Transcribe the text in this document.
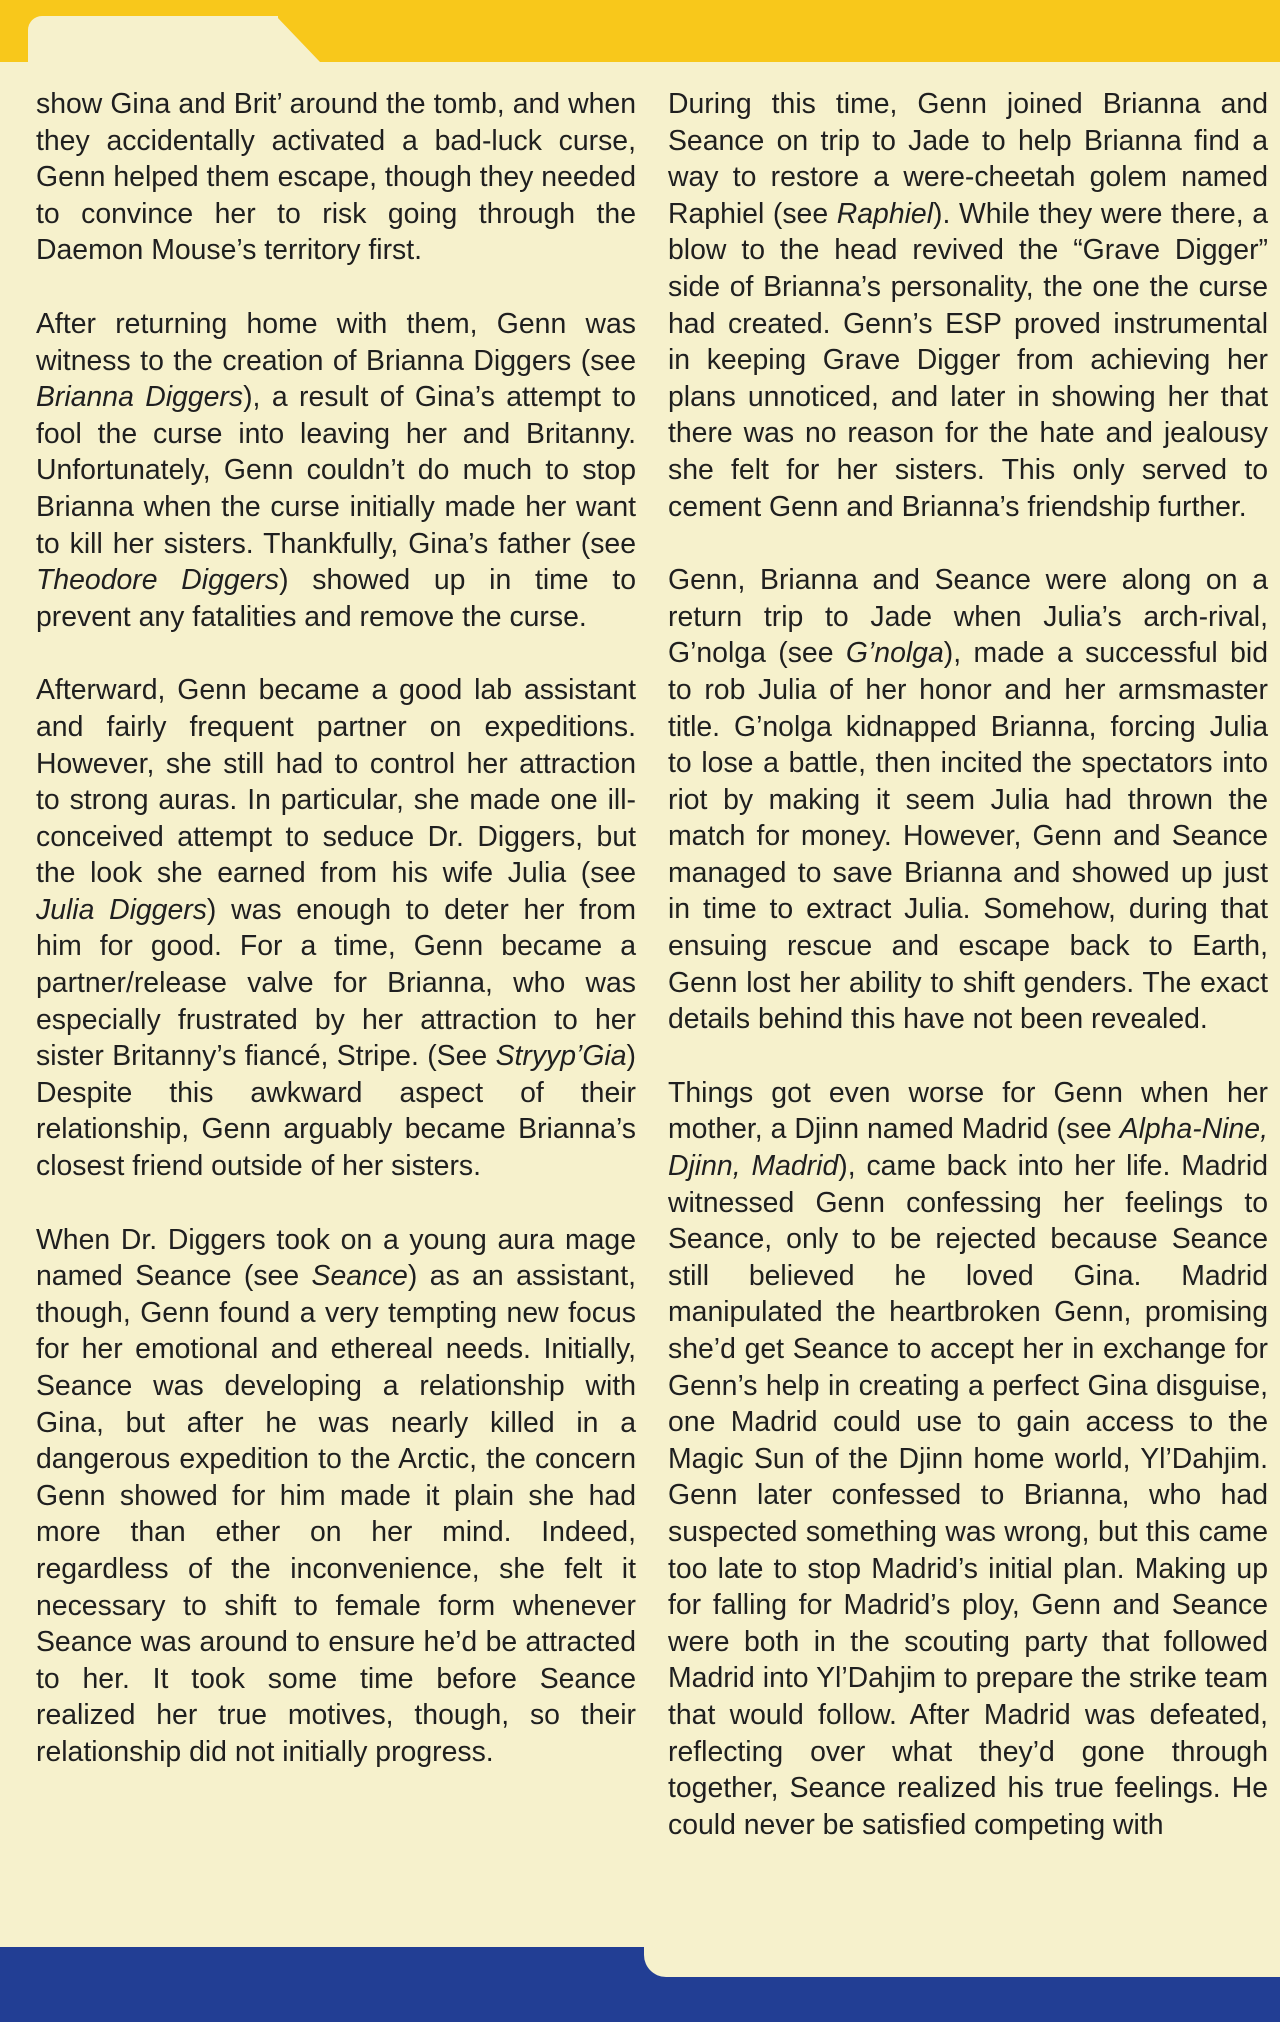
show Gina and Brit’ around the tomb, and when they accidentally activated a bad-luck curse, Genn helped them escape, though they needed to convince her to risk going through the Daemon Mouse’s territory first.

After returning home with them, Genn was witness to the creation of Brianna Diggers (see Brianna Diggers), a result of Gina’s attempt to fool the curse into leaving her and Britanny. Unfortunately, Genn couldn’t do much to stop Brianna when the curse initially made her want to kill her sisters. Thankfully, Gina’s father (see Theodore Diggers) showed up in time to prevent any fatalities and remove the curse.

Afterward, Genn became a good lab assistant and fairly frequent partner on expeditions. However, she still had to control her attraction to strong auras. In particular, she made one ill-conceived attempt to seduce Dr. Diggers, but the look she earned from his wife Julia (see Julia Diggers) was enough to deter her from him for good. For a time, Genn became a partner/release valve for Brianna, who was especially frustrated by her attraction to her sister Britanny’s fiancé, Stripe. (See Stryyp’Gia) Despite this awkward aspect of their relationship, Genn arguably became Brianna’s closest friend outside of her sisters.

When Dr. Diggers took on a young aura mage named Seance (see Seance) as an assistant, though, Genn found a very tempting new focus for her emotional and ethereal needs. Initially, Seance was developing a relationship with Gina, but after he was nearly killed in a dangerous expedition to the Arctic, the concern Genn showed for him made it plain she had more than ether on her mind. Indeed, regardless of the inconvenience, she felt it necessary to shift to female form whenever Seance was around to ensure he’d be attracted to her. It took some time before Seance realized her true motives, though, so their relationship did not initially progress.

During this time, Genn joined Brianna and Seance on trip to Jade to help Brianna find a way to restore a were-cheetah golem named Raphiel (see Raphiel). While they were there, a blow to the head revived the “Grave Digger” side of Brianna’s personality, the one the curse had created. Genn’s ESP proved instrumental in keeping Grave Digger from achieving her plans unnoticed, and later in showing her that there was no reason for the hate and jealousy she felt for her sisters. This only served to cement Genn and Brianna’s friendship further.

Genn, Brianna and Seance were along on a return trip to Jade when Julia’s arch-rival, G’nolga (see G’nolga), made a successful bid to rob Julia of her honor and her armsmaster title. G’nolga kidnapped Brianna, forcing Julia to lose a battle, then incited the spectators into riot by making it seem Julia had thrown the match for money. However, Genn and Seance managed to save Brianna and showed up just in time to extract Julia. Somehow, during that ensuing rescue and escape back to Earth, Genn lost her ability to shift genders. The exact details behind this have not been revealed.

Things got even worse for Genn when her mother, a Djinn named Madrid (see Alpha-Nine, Djinn, Madrid), came back into her life. Madrid witnessed Genn confessing her feelings to Seance, only to be rejected because Seance still believed he loved Gina. Madrid manipulated the heartbroken Genn, promising she’d get Seance to accept her in exchange for Genn’s help in creating a perfect Gina disguise, one Madrid could use to gain access to the Magic Sun of the Djinn home world, Yl’Dahjim. Genn later confessed to Brianna, who had suspected something was wrong, but this came too late to stop Madrid’s initial plan. Making up for falling for Madrid’s ploy, Genn and Seance were both in the scouting party that followed Madrid into Yl’Dahjim to prepare the strike team that would follow. After Madrid was defeated, reflecting over what they’d gone through together, Seance realized his true feelings. He could never be satisfied competing with
